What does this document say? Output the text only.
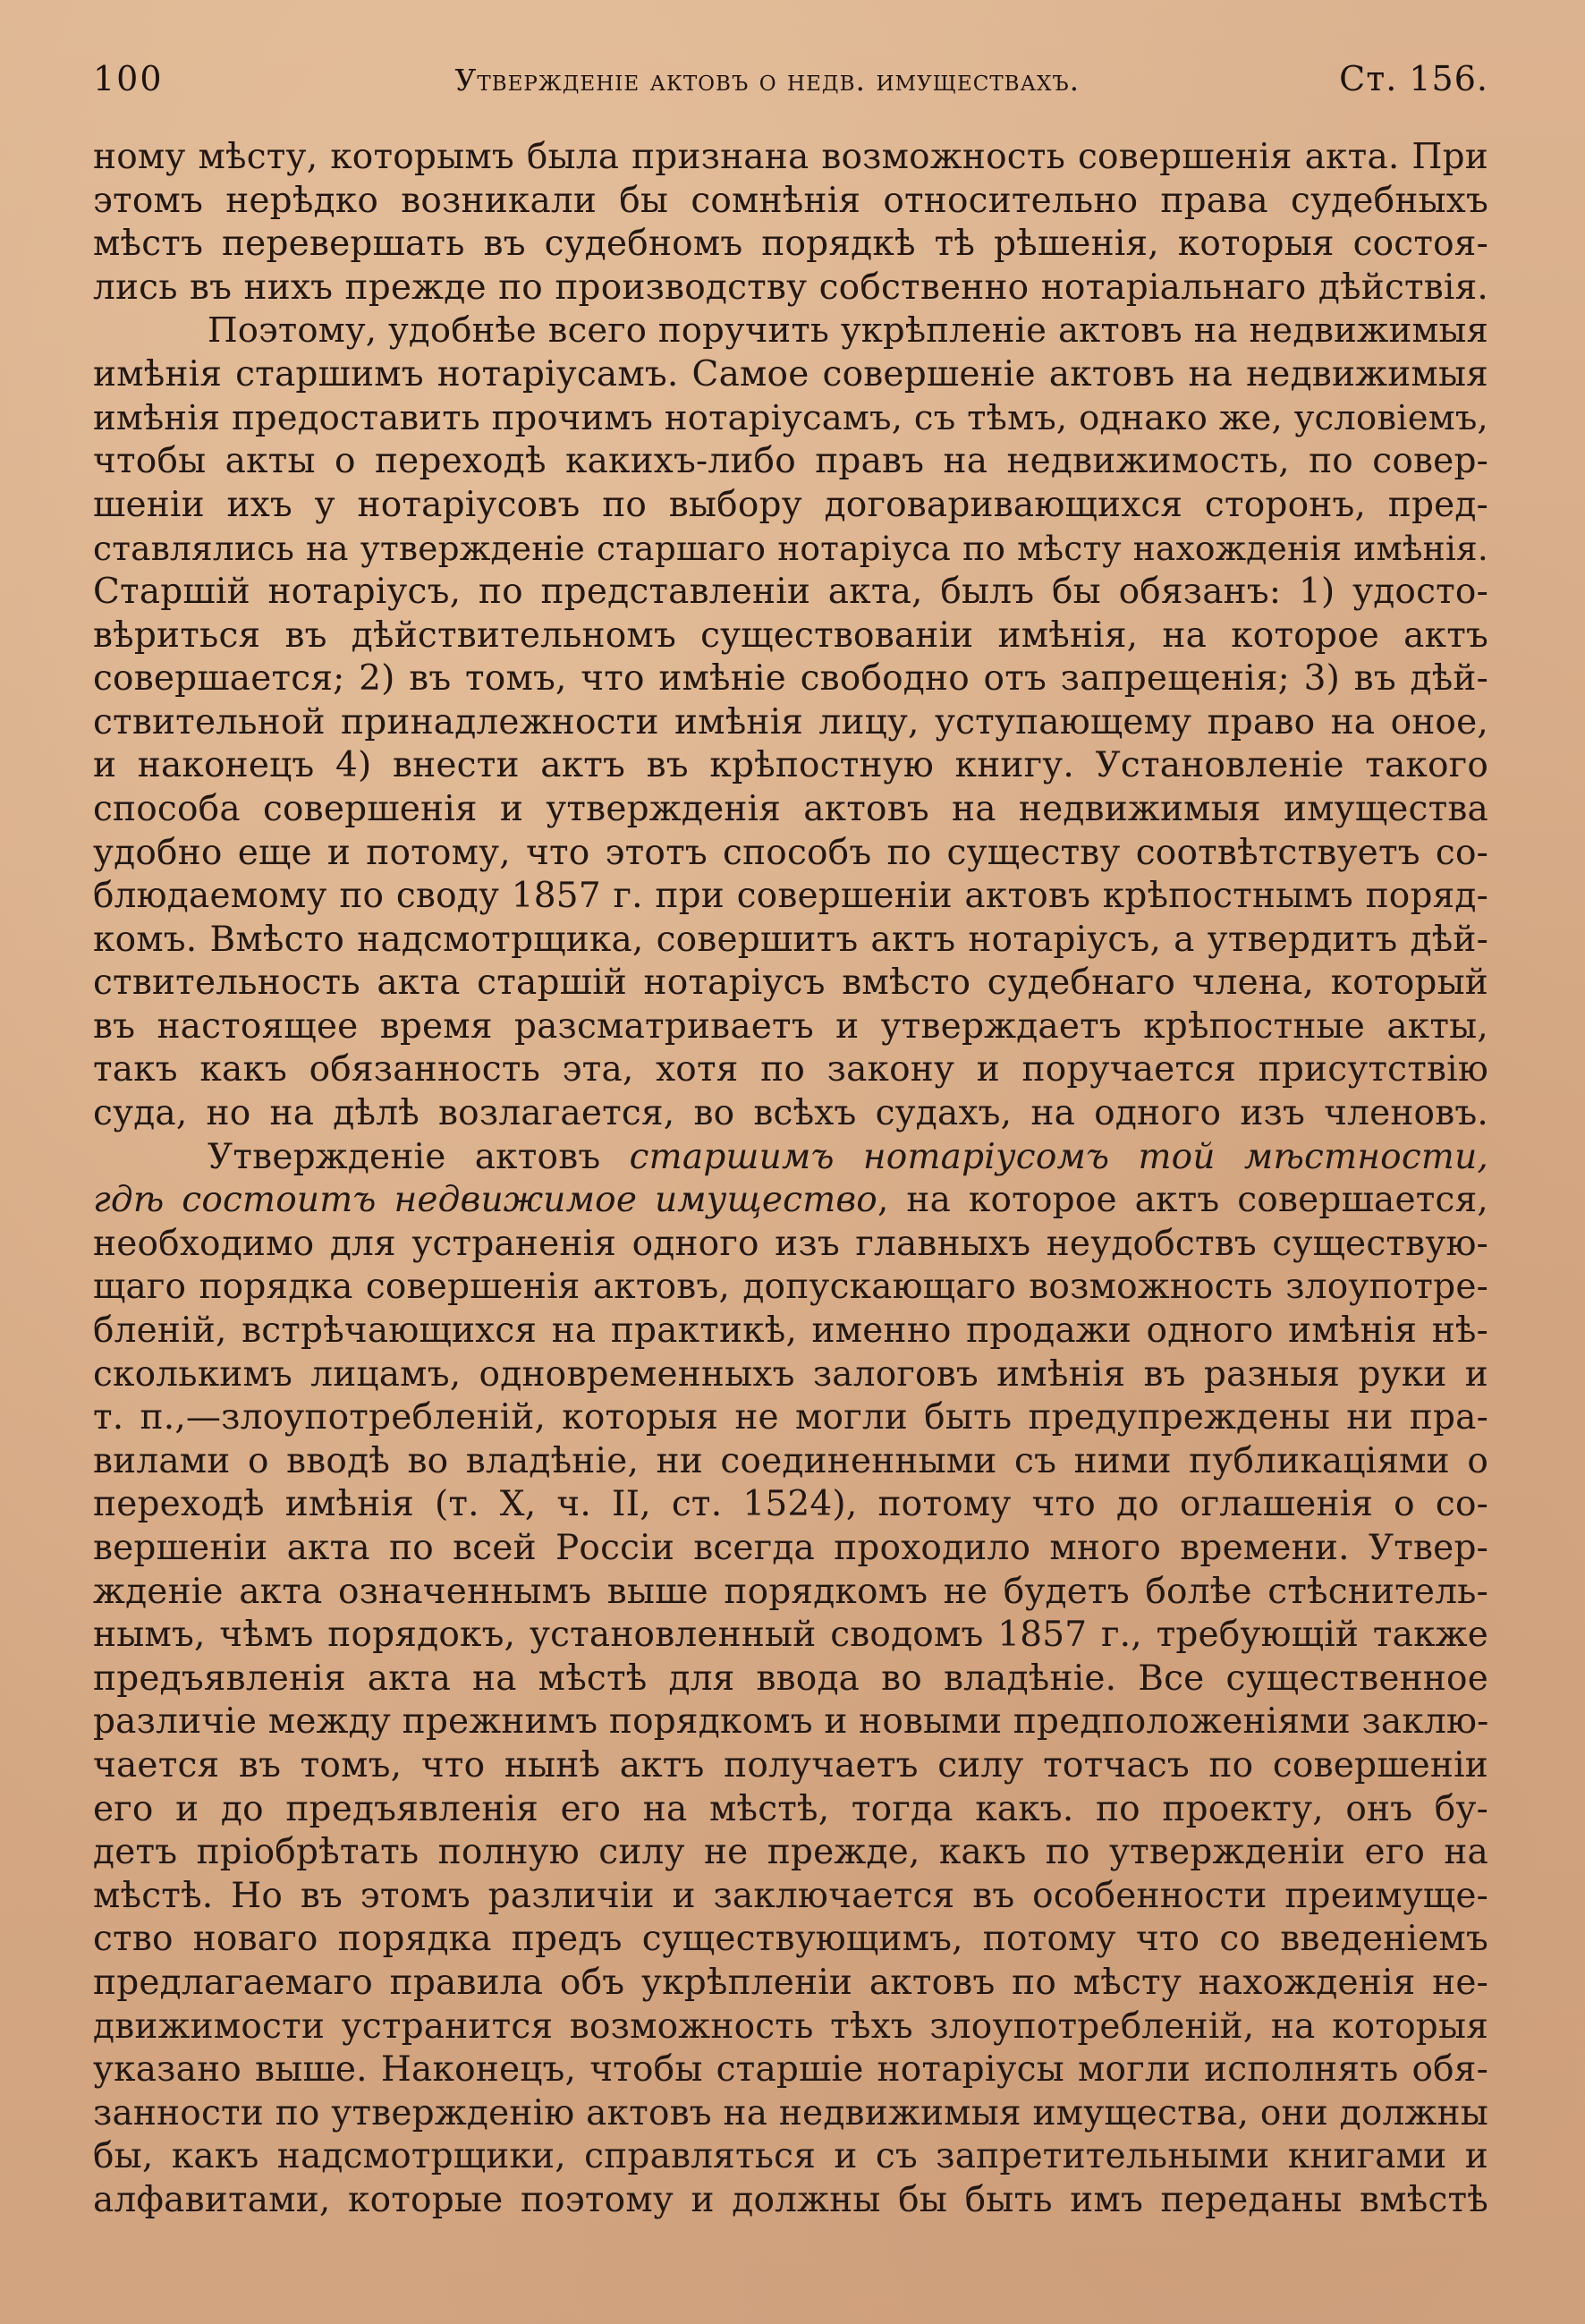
100	Утвержденіе актовъ о недв. имуществахъ.	Ст. 156.
ному мѣсту, которымъ была признана возможность совершенія акта. При
этомъ нерѣдко возникали бы сомнѣнія относительно права судебныхъ
мѣстъ перевершать въ судебномъ порядкѣ тѣ рѣшенія, которыя состоя-
лись въ нихъ прежде по производству собственно нотаріальнаго дѣйствія.
Поэтому, удобнѣе всего поручить укрѣпленіе актовъ на недвижимыя
имѣнія старшимъ нотаріусамъ. Самое совершеніе актовъ на недвижимыя
имѣнія предоставить прочимъ нотаріусамъ, съ тѣмъ, однако же, условіемъ,
чтобы акты о переходѣ какихъ-либо правъ на недвижимость, по совер-
шеніи ихъ у нотаріусовъ по выбору договаривающихся сторонъ, пред-
ставлялись на утвержденіе старшаго нотаріуса по мѣсту нахожденія имѣнія.
Старшій нотаріусъ, по представленіи акта, былъ бы обязанъ: 1) удосто-
вѣриться въ дѣйствительномъ существованіи имѣнія, на которое актъ
совершается; 2) въ томъ, что имѣніе свободно отъ запрещенія; 3) въ дѣй-
ствительной принадлежности имѣнія лицу, уступающему право на оное,
и наконецъ 4) внести актъ въ крѣпостную книгу. Установленіе такого
способа совершенія и утвержденія актовъ на недвижимыя имущества
удобно еще и потому, что этотъ способъ по существу соотвѣтствуетъ со-
блюдаемому по своду 1857 г. при совершеніи актовъ крѣпостнымъ поряд-
комъ. Вмѣсто надсмотрщика, совершитъ актъ нотаріусъ, а утвердитъ дѣй-
ствительность акта старшій нотаріусъ вмѣсто судебнаго члена, который
въ настоящее время разсматриваетъ и утверждаетъ крѣпостные акты,
такъ какъ обязанность эта, хотя по закону и поручается присутствію
суда, но на дѣлѣ возлагается, во всѣхъ судахъ, на одного изъ членовъ.
Утвержденіе актовъ старшимъ нотаріусомъ той мѣстности,
гдѣ состоитъ недвижимое имущество, на которое актъ совершается,
необходимо для устраненія одного изъ главныхъ неудобствъ существую-
щаго порядка совершенія актовъ, допускающаго возможность злоупотре-
бленій, встрѣчающихся на практикѣ, именно продажи одного имѣнія нѣ-
сколькимъ лицамъ, одновременныхъ залоговъ имѣнія въ разныя руки и
т. п.,—злоупотребленій, которыя не могли быть предупреждены ни пра-
вилами о вводѣ во владѣніе, ни соединенными съ ними публикаціями о
переходѣ имѣнія (т. X, ч. II, ст. 1524), потому что до оглашенія о со-
вершеніи акта по всей Россіи всегда проходило много времени. Утвер-
жденіе акта означеннымъ выше порядкомъ не будетъ болѣе стѣснитель-
нымъ, чѣмъ порядокъ, установленный сводомъ 1857 г., требующій также
предъявленія акта на мѣстѣ для ввода во владѣніе. Все существенное
различіе между прежнимъ порядкомъ и новыми предположеніями заклю-
чается въ томъ, что нынѣ актъ получаетъ силу тотчасъ по совершеніи
его и до предъявленія его на мѣстѣ, тогда какъ. по проекту, онъ бу-
детъ пріобрѣтать полную силу не прежде, какъ по утвержденіи его на
мѣстѣ. Но въ этомъ различіи и заключается въ особенности преимуще-
ство новаго порядка предъ существующимъ, потому что со введеніемъ
предлагаемаго правила объ укрѣпленіи актовъ по мѣсту нахожденія не-
движимости устранится возможность тѣхъ злоупотребленій, на которыя
указано выше. Наконецъ, чтобы старшіе нотаріусы могли исполнять обя-
занности по утвержденію актовъ на недвижимыя имущества, они должны
бы, какъ надсмотрщики, справляться и съ запретительными книгами и
алфавитами, которые поэтому и должны бы быть имъ переданы вмѣстѣ
